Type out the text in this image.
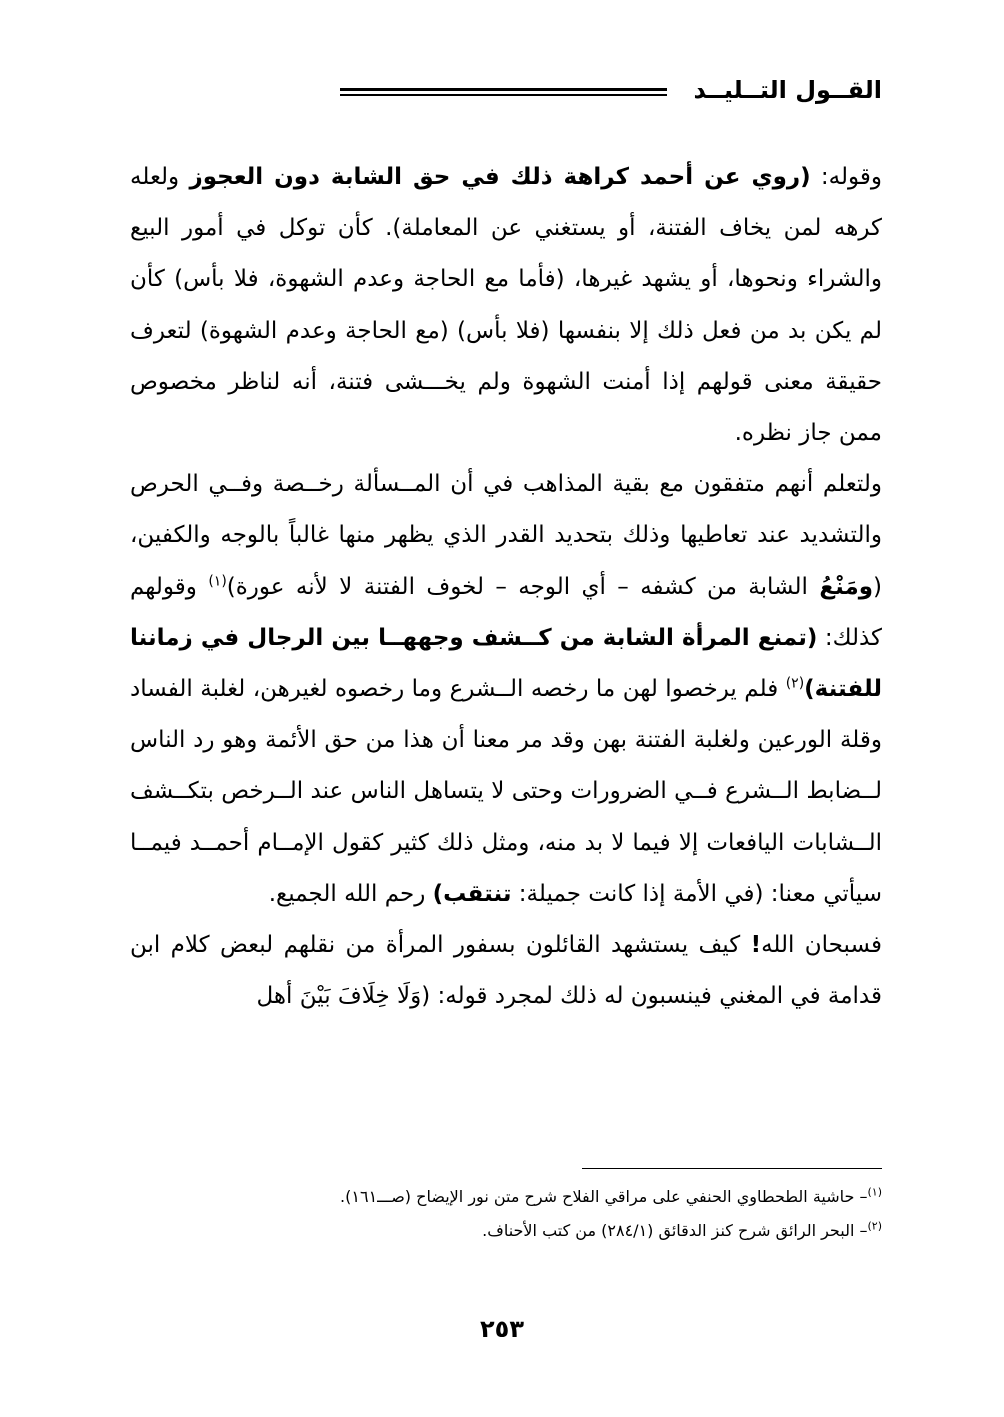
القــول التــليــد

وقوله: (روي عن أحمد كراهة ذلك في حق الشابة دون العجوز ولعله كرهه لمن يخاف الفتنة، أو يستغني عن المعاملة). كأن توكل في أمور البيع والشراء ونحوها، أو يشهد غيرها، (فأما مع الحاجة وعدم الشهوة، فلا بأس) كأن لم يكن بد من فعل ذلك إلا بنفسها (فلا بأس) (مع الحاجة وعدم الشهوة) لتعرف حقيقة معنى قولهم إذا أمنت الشهوة ولم يخـــشى فتنة، أنه لناظر مخصوص ممن جاز نظره.

ولتعلم أنهم متفقون مع بقية المذاهب في أن المــسألة رخــصة وفــي الحرص والتشديد عند تعاطيها وذلك بتحديد القدر الذي يظهر منها غالباً بالوجه والكفين، (ومَنْعُ الشابة من كشفه – أي الوجه – لخوف الفتنة لا لأنه عورة)$^{(١)}$ وقولهم كذلك: (تمنع المرأة الشابة من كــشف وجههــا بين الرجال في زماننا للفتنة)$^{(٢)}$ فلم يرخصوا لهن ما رخصه الــشرع وما رخصوه لغيرهن، لغلبة الفساد وقلة الورعين ولغلبة الفتنة بهن وقد مر معنا أن هذا من حق الأئمة وهو رد الناس لــضابط الــشرع فــي الضرورات وحتى لا يتساهل الناس عند الــرخص بتكــشف الــشابات اليافعات إلا فيما لا بد منه، ومثل ذلك كثير كقول الإمــام أحمــد فيمــا سيأتي معنا: (في الأمة إذا كانت جميلة: تنتقب) رحم الله الجميع.

فسبحان الله! كيف يستشهد القائلون بسفور المرأة من نقلهم لبعض كلام ابن قدامة في المغني فينسبون له ذلك لمجرد قوله: (وَلَا خِلَافَ بَيْنَ أهل

$^{(١)}$– حاشية الطحطاوي الحنفي على مراقي الفلاح شرح متن نور الإيضاح (صـــ١٦١).
$^{(٢)}$– البحر الرائق شرح كنز الدقائق (٢٨٤/١) من كتب الأحناف.
٢٥٣
